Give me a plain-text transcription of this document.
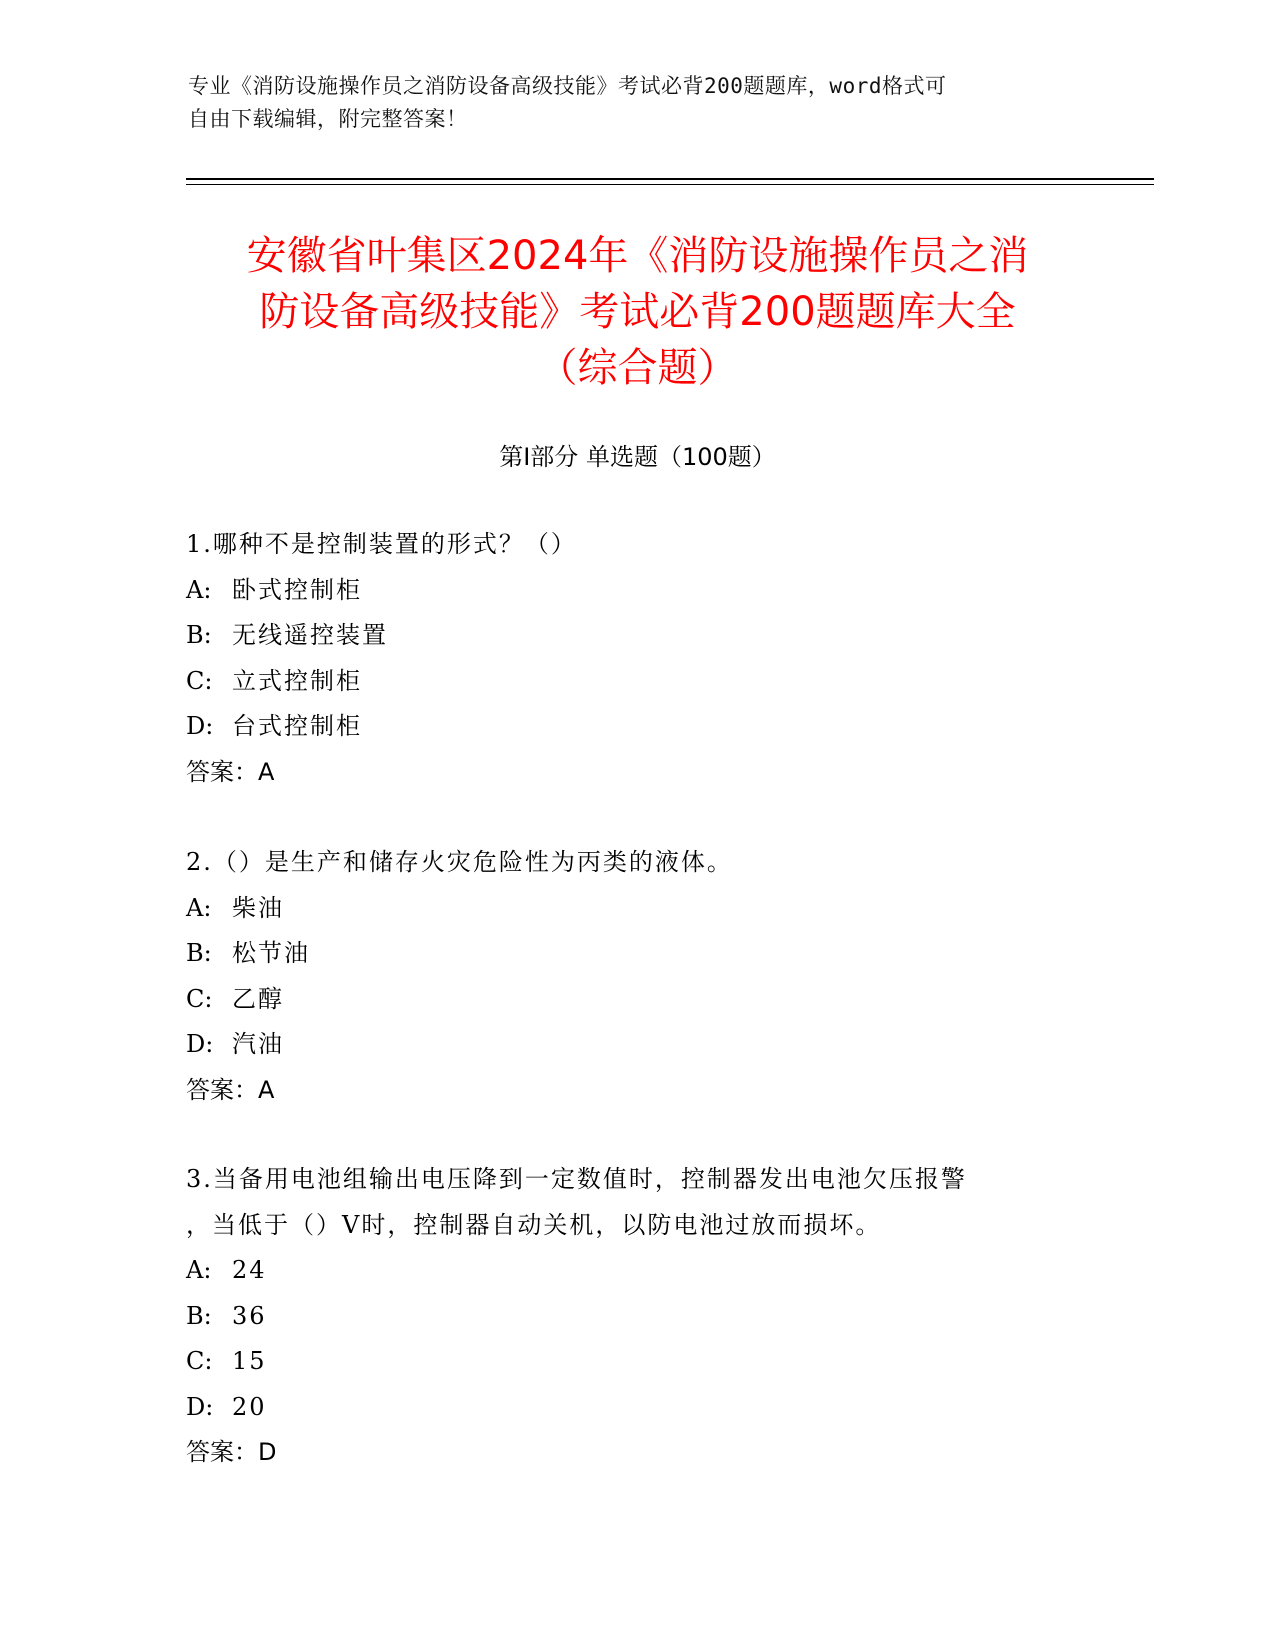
专业《消防设施操作员之消防设备高级技能》考试必背200题题库，word格式可
自由下载编辑，附完整答案！
安徽省叶集区2024年《消防设施操作员之消
防设备高级技能》考试必背200题题库大全
（综合题）
第Ⅰ部分 单选题（100题）
1.哪种不是控制装置的形式？（）
A: 卧式控制柜
B: 无线遥控装置
C: 立式控制柜
D: 台式控制柜
答案：A
2.（）是生产和储存火灾危险性为丙类的液体。
A: 柴油
B: 松节油
C: 乙醇
D: 汽油
答案：A
3.当备用电池组输出电压降到一定数值时，控制器发出电池欠压报警
，当低于（）V时，控制器自动关机，以防电池过放而损坏。
A: 24
B: 36
C: 15
D: 20
答案：D
